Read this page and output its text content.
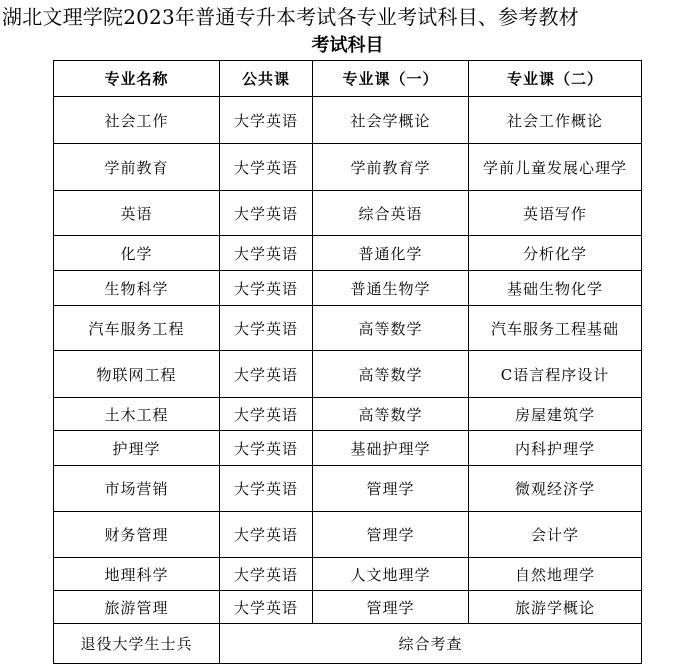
湖北文理学院2023年普通专升本考试各专业考试科目、参考教材
考试科目
专业名称	公共课	专业课（一）	专业课（二）
社会工作	大学英语	社会学概论	社会工作概论
学前教育	大学英语	学前教育学	学前儿童发展心理学
英语	大学英语	综合英语	英语写作
化学	大学英语	普通化学	分析化学
生物科学	大学英语	普通生物学	基础生物化学
汽车服务工程	大学英语	高等数学	汽车服务工程基础
物联网工程	大学英语	高等数学	C语言程序设计
土木工程	大学英语	高等数学	房屋建筑学
护理学	大学英语	基础护理学	内科护理学
市场营销	大学英语	管理学	微观经济学
财务管理	大学英语	管理学	会计学
地理科学	大学英语	人文地理学	自然地理学
旅游管理	大学英语	管理学	旅游学概论
退役大学生士兵	综合考查		
